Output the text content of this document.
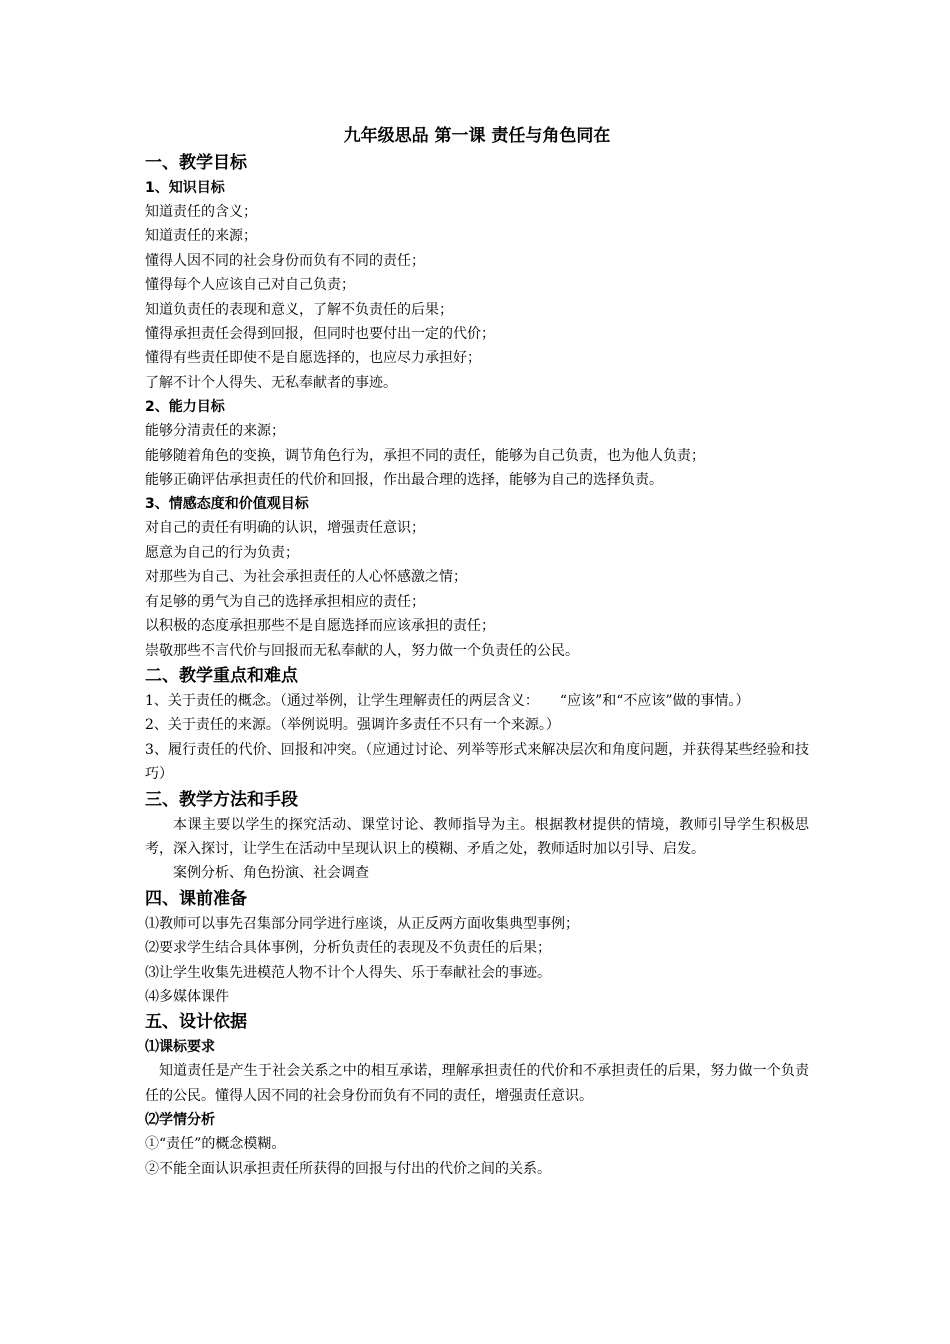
九年级思品 第一课 责任与角色同在
一、教学目标
1、知识目标
知道责任的含义；
知道责任的来源；
懂得人因不同的社会身份而负有不同的责任；
懂得每个人应该自己对自己负责；
知道负责任的表现和意义，了解不负责任的后果；
懂得承担责任会得到回报，但同时也要付出一定的代价；
懂得有些责任即使不是自愿选择的，也应尽力承担好；
了解不计个人得失、无私奉献者的事迹。
2、能力目标
能够分清责任的来源；
能够随着角色的变换，调节角色行为，承担不同的责任，能够为自己负责，也为他人负责；
能够正确评估承担责任的代价和回报，作出最合理的选择，能够为自己的选择负责。
3、情感态度和价值观目标
对自己的责任有明确的认识，增强责任意识；
愿意为自己的行为负责；
对那些为自己、为社会承担责任的人心怀感激之情；
有足够的勇气为自己的选择承担相应的责任；
以积极的态度承担那些不是自愿选择而应该承担的责任；
崇敬那些不言代价与回报而无私奉献的人，努力做一个负责任的公民。
二、教学重点和难点
1、关于责任的概念。（通过举例，让学生理解责任的两层含义：　　“应该”和“不应该”做的事情。）
2、关于责任的来源。（举例说明。强调许多责任不只有一个来源。）
3、履行责任的代价、回报和冲突。（应通过讨论、列举等形式来解决层次和角度问题，并获得某些经验和技巧）
三、教学方法和手段
本课主要以学生的探究活动、课堂讨论、教师指导为主。根据教材提供的情境，教师引导学生积极思考，深入探讨，让学生在活动中呈现认识上的模糊、矛盾之处，教师适时加以引导、启发。
案例分析、角色扮演、社会调查
四、课前准备
⑴教师可以事先召集部分同学进行座谈，从正反两方面收集典型事例；
⑵要求学生结合具体事例，分析负责任的表现及不负责任的后果；
⑶让学生收集先进模范人物不计个人得失、乐于奉献社会的事迹。
⑷多媒体课件
五、设计依据
⑴课标要求
知道责任是产生于社会关系之中的相互承诺，理解承担责任的代价和不承担责任的后果，努力做一个负责任的公民。懂得人因不同的社会身份而负有不同的责任，增强责任意识。
⑵学情分析
①“责任”的概念模糊。
②不能全面认识承担责任所获得的回报与付出的代价之间的关系。
